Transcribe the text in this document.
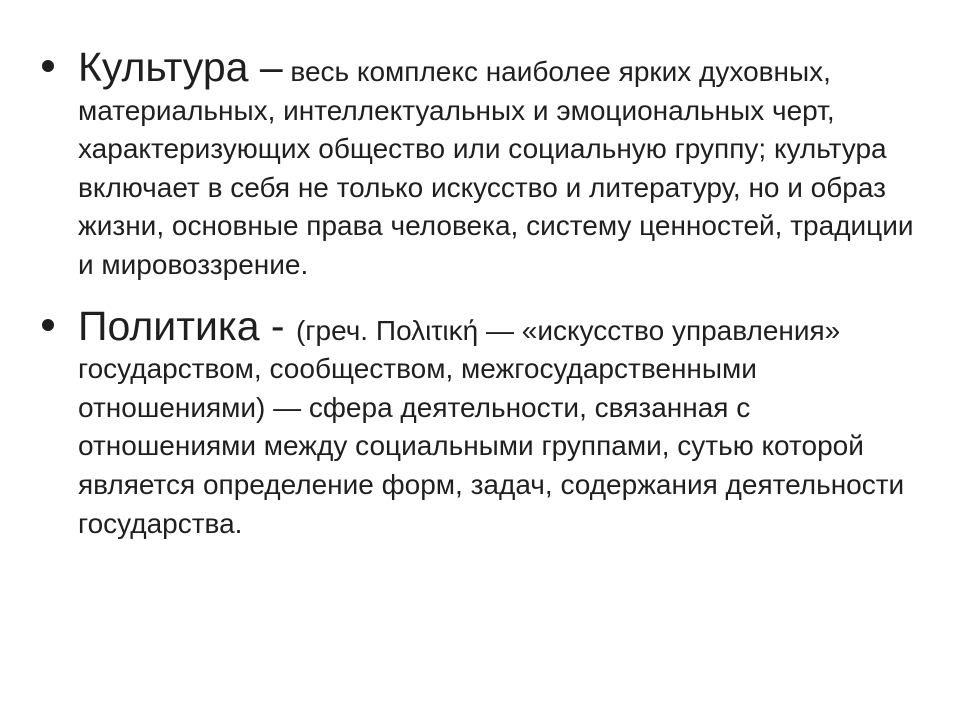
Культура – весь комплекс наиболее ярких духовных, материальных, интеллектуальных и эмоциональных черт, характеризующих общество или социальную группу; культура включает в себя не только искусство и литературу, но и образ жизни, основные права человека, систему ценностей, традиции и мировоззрение.
Политика - (греч. Πολιτική — «искусство управления» государством, сообществом, межгосударственными отношениями) — сфера деятельности, связанная с отношениями между социальными группами, сутью которой является определение форм, задач, содержания деятельности государства.
